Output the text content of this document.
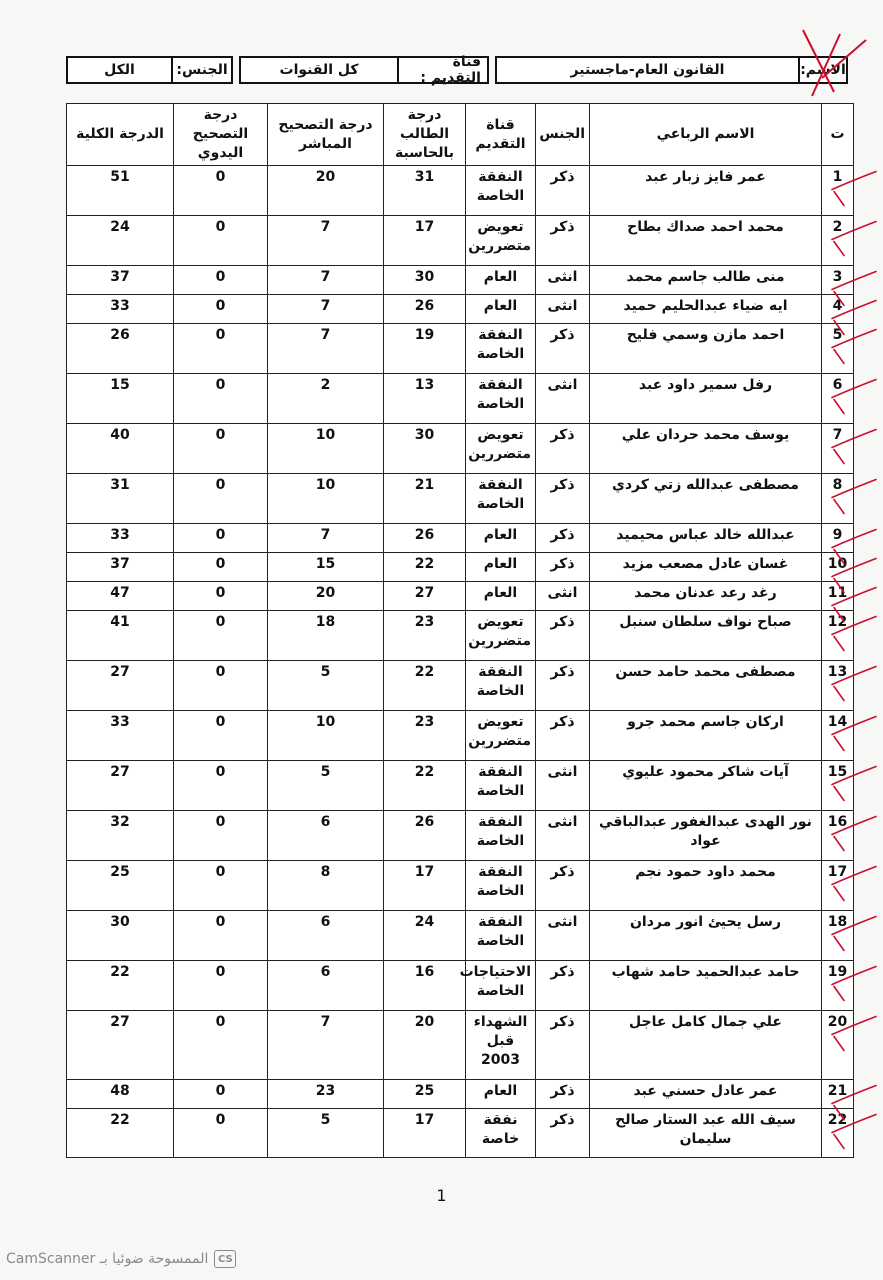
الاسم:
القانون العام-ماجستير
قناة التقديم :
كل القنوات
الجنس:
الكل
ت	الاسم الرباعي	الجنس	قناة التقديم	درجة الطالب بالحاسبة	درجة التصحيح المباشر	درجة التصحيح اليدوي	الدرجة الكلية
1	عمر فايز زبار عبد	ذكر	النفقة الخاصة	31	20	0	51
2	محمد احمد صداك بطاح	ذكر	تعويض متضررين	17	7	0	24
3	منى طالب جاسم محمد	انثى	العام	30	7	0	37
4	ايه ضياء عبدالحليم حميد	انثى	العام	26	7	0	33
5	احمد مازن وسمي فليح	ذكر	النفقة الخاصة	19	7	0	26
6	رفل سمير داود عبد	انثى	النفقة الخاصة	13	2	0	15
7	يوسف محمد حردان علي	ذكر	تعويض متضررين	30	10	0	40
8	مصطفى عبدالله زتي كردي	ذكر	النفقة الخاصة	21	10	0	31
9	عبدالله خالد عباس محيميد	ذكر	العام	26	7	0	33
10	غسان عادل مصعب مزيد	ذكر	العام	22	15	0	37
11	رغد رعد عدنان محمد	انثى	العام	27	20	0	47
12	صباح نواف سلطان سنبل	ذكر	تعويض متضررين	23	18	0	41
13	مصطفى محمد حامد حسن	ذكر	النفقة الخاصة	22	5	0	27
14	اركان جاسم محمد جرو	ذكر	تعويض متضررين	23	10	0	33
15	آيات شاكر محمود عليوي	انثى	النفقة الخاصة	22	5	0	27
16	نور الهدى عبدالغفور عبدالباقي عواد	انثى	النفقة الخاصة	26	6	0	32
17	محمد داود حمود نجم	ذكر	النفقة الخاصة	17	8	0	25
18	رسل يحيئ انور مردان	انثى	النفقة الخاصة	24	6	0	30
19	حامد عبدالحميد حامد شهاب	ذكر	الاحتياجات الخاصة	16	6	0	22
20	علي جمال كامل عاجل	ذكر	الشهداء قبل 2003	20	7	0	27
21	عمر عادل حسني عبد	ذكر	العام	25	23	0	48
22	سيف الله عبد الستار صالح سليمان	ذكر	نفقة خاصة	17	5	0	22
1
CS
الممسوحة ضوئيا بـ CamScanner
